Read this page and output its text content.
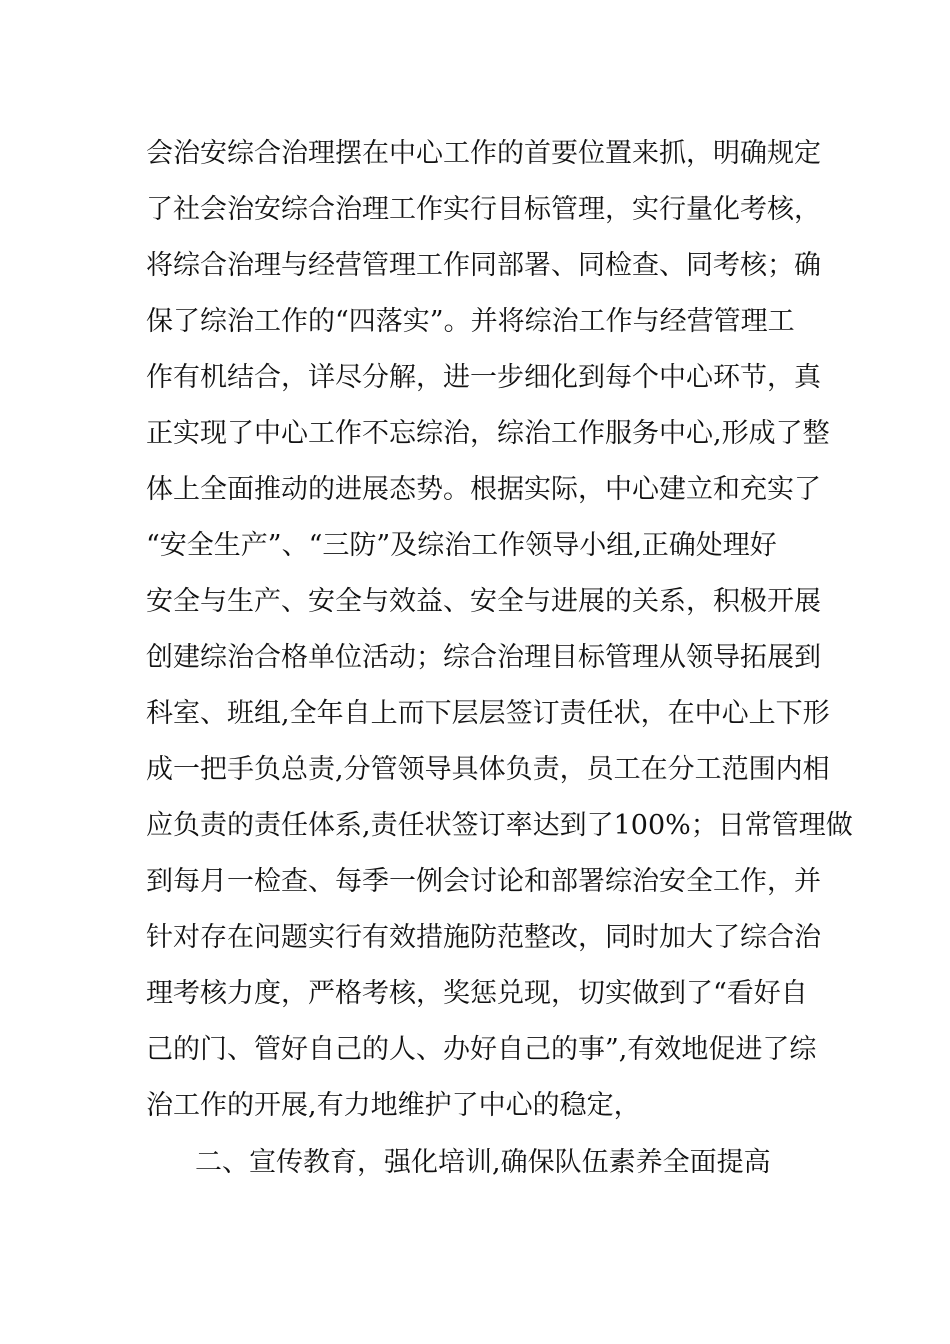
会治安综合治理摆在中心工作的首要位置来抓，明确规定
了社会治安综合治理工作实行目标管理，实行量化考核，
将综合治理与经营管理工作同部署、同检查、同考核；确
保了综治工作的“四落实”。并将综治工作与经营管理工
作有机结合，详尽分解，进一步细化到每个中心环节，真
正实现了中心工作不忘综治，综治工作服务中心,形成了整
体上全面推动的进展态势。根据实际，中心建立和充实了
“安全生产”、“三防”及综治工作领导小组,正确处理好
安全与生产、安全与效益、安全与进展的关系，积极开展
创建综治合格单位活动；综合治理目标管理从领导拓展到
科室、班组,全年自上而下层层签订责任状，在中心上下形
成一把手负总责,分管领导具体负责，员工在分工范围内相
应负责的责任体系,责任状签订率达到了100%；日常管理做
到每月一检查、每季一例会讨论和部署综治安全工作，并
针对存在问题实行有效措施防范整改，同时加大了综合治
理考核力度，严格考核，奖惩兑现，切实做到了“看好自
己的门、管好自己的人、办好自己的事”,有效地促进了综
治工作的开展,有力地维护了中心的稳定，
二、宣传教育，强化培训,确保队伍素养全面提高
